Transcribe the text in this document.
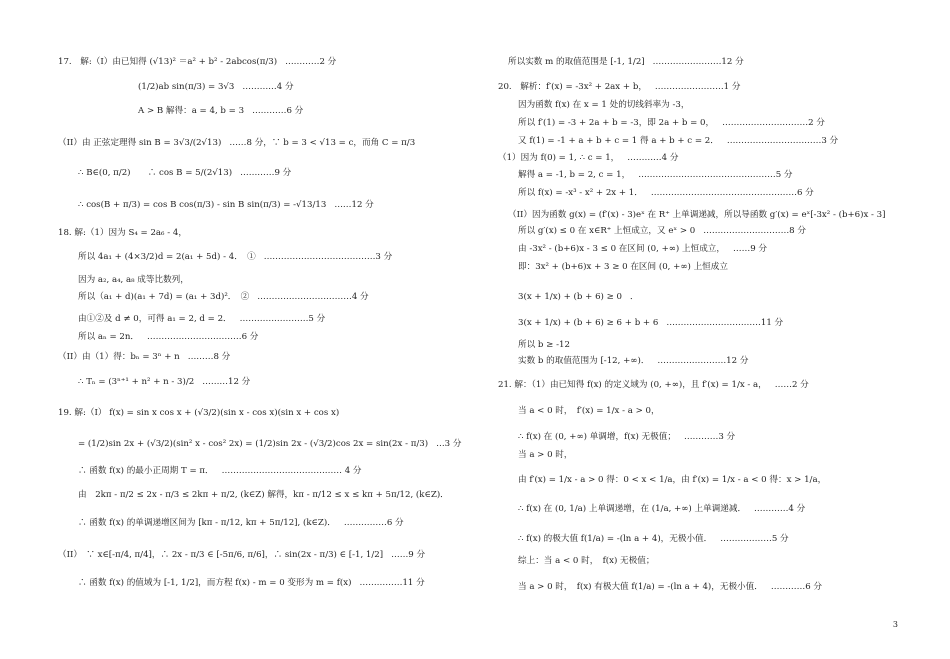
17.　解:（I）由已知得 (√13)² ＝a² + b² - 2abcos(π/3) …………2 分
(1/2)ab sin(π/3) = 3√3 …………4 分
A > B 解得：a = 4, b = 3 …………6 分
（II）由 正弦定理得 sin B = 3√3/(2√13) ……8 分，∵ b = 3 < √13 = c，而角 C = π/3
∴ B∈(0, π/2)　　∴ cos B = 5/(2√13) …………9 分
∴ cos(B + π/3) = cos B cos(π/3) - sin B sin(π/3) = -√13/13 ……12 分
18. 解:（1）因为 S₄ = 2a₆ - 4，
所以 4a₁ + (4×3/2)d = 2(a₁ + 5d) - 4．　① …………………………………3 分
因为 a₂, a₄, a₈ 成等比数列，
所以（a₁ + d)(a₁ + 7d) = (a₁ + 3d)²．　② ……………………………4 分
由①②及 d ≠ 0，可得 a₁ = 2, d = 2． ……………………5 分
所以 aₙ = 2n． ……………………………6 分
（II）由（1）得：bₙ = 3ⁿ + n ………8 分
∴ Tₙ = (3ⁿ⁺¹ + n² + n - 3)/2 ………12 分
19. 解:（I） f(x) = sin x cos x + (√3/2)(sin x - cos x)(sin x + cos x)
= (1/2)sin 2x + (√3/2)(sin² x - cos² 2x) = (1/2)sin 2x - (√3/2)cos 2x = sin(2x - π/3) …3 分
∴ 函数 f(x) 的最小正周期 T = π． …………………………………… 4 分
由　2kπ - π/2 ≤ 2x - π/3 ≤ 2kπ + π/2, (k∈Z) 解得，kπ - π/12 ≤ x ≤ kπ + 5π/12, (k∈Z)．
∴ 函数 f(x) 的单调递增区间为 [kπ - π/12, kπ + 5π/12], (k∈Z)． ……………6 分
（II）　∵ x∈[-π/4, π/4]，∴ 2x - π/3 ∈ [-5π/6, π/6]，∴ sin(2x - π/3) ∈ [-1, 1/2] ……9 分
∴ 函数 f(x) 的值域为 [-1, 1/2]，而方程 f(x) - m = 0 变形为 m = f(x) ……………11 分
所以实数 m 的取值范围是 [-1, 1/2] ……………………12 分
20.　解析：f′(x) = -3x² + 2ax + b， ……………………1 分
因为函数 f(x) 在 x = 1 处的切线斜率为 -3，
所以 f′(1) = -3 + 2a + b = -3，即 2a + b = 0， …………………………2 分
又 f(1) = -1 + a + b + c = 1 得 a + b + c = 2． ……………………………3 分
（1）因为 f(0) = 1, ∴ c = 1， …………4 分
解得 a = -1, b = 2, c = 1， …………………………………………5 分
所以 f(x) = -x³ - x² + 2x + 1． ……………………………………………6 分
（II）因为函数 g(x) = (f′(x) - 3)eˣ 在 R⁺ 上单调递减，所以导函数 g′(x) = eˣ[-3x² - (b+6)x - 3]
所以 g′(x) ≤ 0 在 x∈R⁺ 上恒成立，又 eˣ > 0 …………………………8 分
由 -3x² - (b+6)x - 3 ≤ 0 在区间 (0, +∞) 上恒成立， ……9 分
即：3x² + (b+6)x + 3 ≥ 0 在区间 (0, +∞) 上恒成立
3(x + 1/x) + (b + 6) ≥ 0 ．
3(x + 1/x) + (b + 6) ≥ 6 + b + 6 ……………………………11 分
所以 b ≥ -12
实数 b 的取值范围为 [-12, +∞)． ……………………12 分
21. 解：（1）由已知得 f(x) 的定义域为 (0, +∞)，且 f′(x) = 1/x - a， ……2 分
当 a < 0 时，　f′(x) = 1/x - a > 0，
∴ f(x) 在 (0, +∞) 单调增，f(x) 无极值； …………3 分
当 a > 0 时，
由 f′(x) = 1/x - a > 0 得：0 < x < 1/a，由 f′(x) = 1/x - a < 0 得：x > 1/a，
∴ f(x) 在 (0, 1/a) 上单调递增，在 (1/a, +∞) 上单调递减． …………4 分
∴ f(x) 的极大值 f(1/a) = -(ln a + 4)，无极小值． ………………5 分
综上：当 a < 0 时，　f(x) 无极值；
当 a > 0 时，　f(x) 有极大值 f(1/a) = -(ln a + 4)，无极小值． …………6 分
3
